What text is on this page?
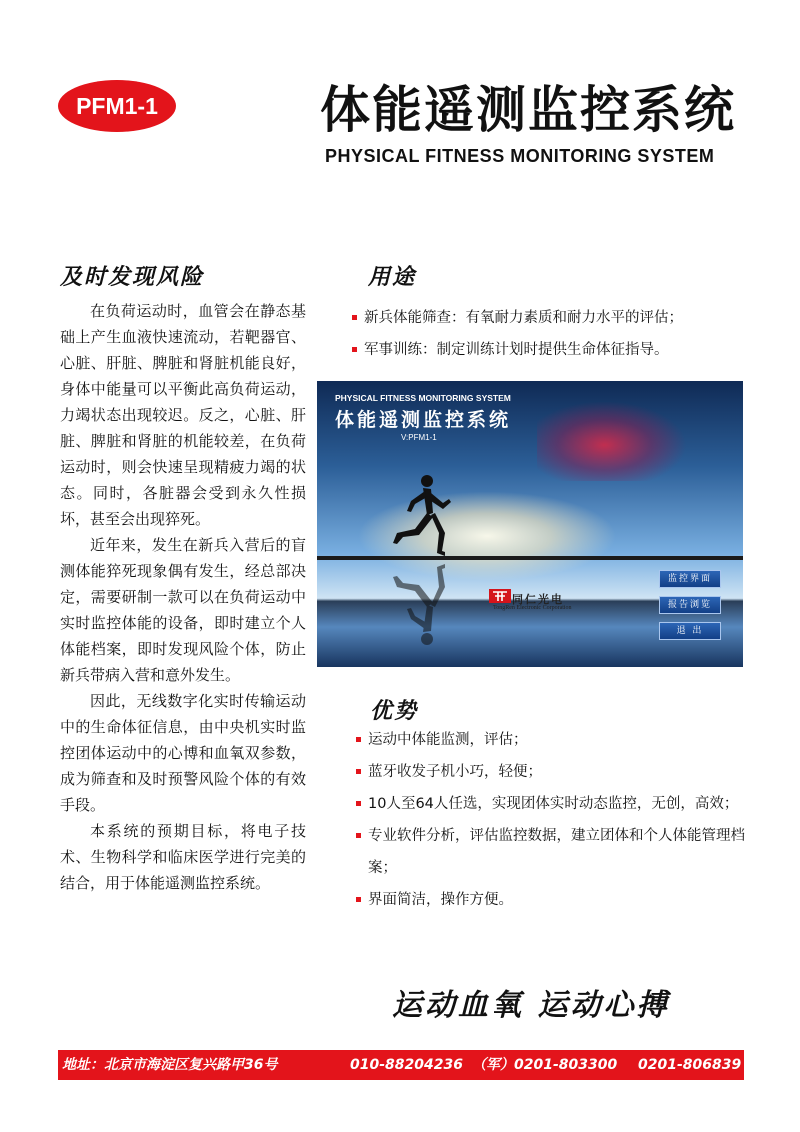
PFM1-1	体能遥测监控系统
PHYSICAL FITNESS MONITORING SYSTEM
及时发现风险

在负荷运动时，血管会在静态基础上产生血液快速流动，若靶器官、心脏、肝脏、脾脏和肾脏机能良好，身体中能量可以平衡此高负荷运动，力竭状态出现较迟。反之，心脏、肝脏、脾脏和肾脏的机能较差，在负荷运动时，则会快速呈现精疲力竭的状态。同时，各脏器会受到永久性损坏，甚至会出现猝死。

近年来，发生在新兵入营后的盲测体能猝死现象偶有发生，经总部决定，需要研制一款可以在负荷运动中实时监控体能的设备，即时建立个人体能档案，即时发现风险个体，防止新兵带病入营和意外发生。

因此，无线数字化实时传输运动中的生命体征信息，由中央机实时监控团体运动中的心博和血氧双参数，成为筛查和及时预警风险个体的有效手段。

本系统的预期目标，将电子技术、生物科学和临床医学进行完美的结合，用于体能遥测监控系统。

用途
新兵体能筛查：有氧耐力素质和耐力水平的评估；
军事训练：制定训练计划时提供生命体征指导。
PHYSICAL FITNESS MONITORING SYSTEM
体能遥测监控系统
V:PFM1-1
同仁光电
TongRen Electronic Corporation
监控界面
报告浏览
退 出
优势
运动中体能监测，评估；
蓝牙收发子机小巧，轻便；
10人至64人任选，实现团体实时动态监控，无创，高效；
专业软件分析，评估监控数据，建立团体和个人体能管理档案；
界面简洁，操作方便。
运动血氧 运动心搏
地址：北京市海淀区复兴路甲36号	010-88204236 （军）0201-803300 0201-806839
